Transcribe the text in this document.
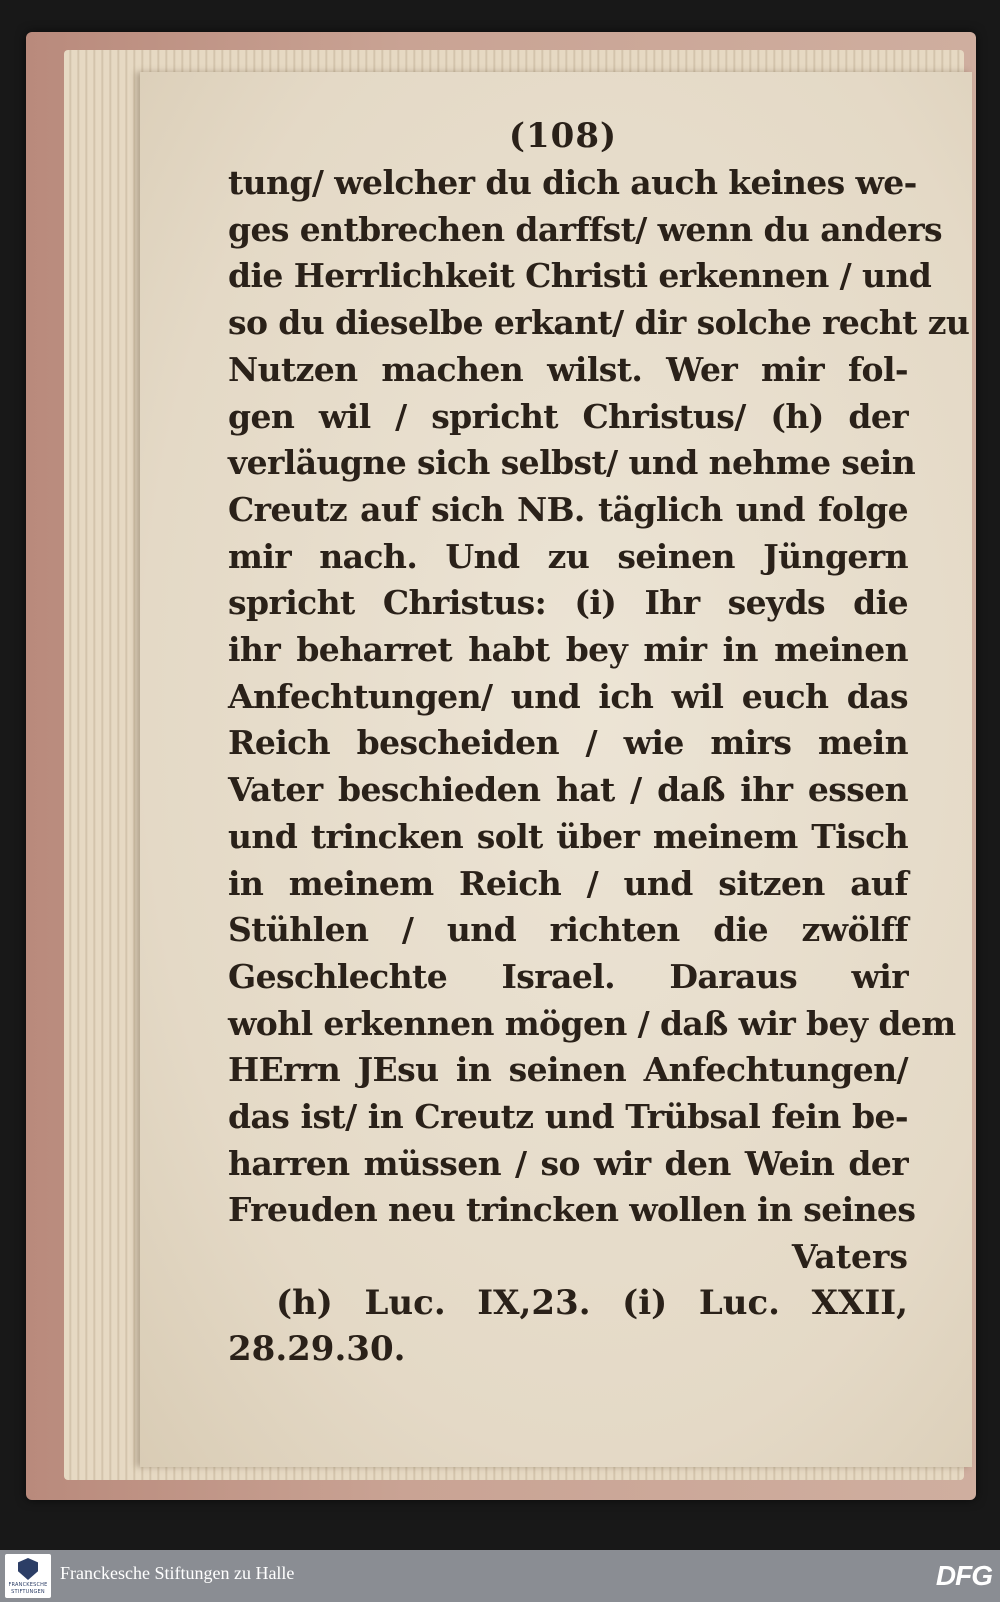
(108)
tung/ welcher du dich auch keines we-
ges entbrechen darffst/ wenn du anders
die Herrlichkeit Christi erkennen / und
so du dieselbe erkant/ dir solche recht zu
Nutzen machen wilst. Wer mir fol-
gen wil / spricht Christus/ (h) der
verläugne sich selbst/ und nehme sein
Creutz auf sich NB. täglich und folge
mir nach. Und zu seinen Jüngern
spricht Christus: (i) Ihr seyds die
ihr beharret habt bey mir in meinen
Anfechtungen/ und ich wil euch das
Reich bescheiden / wie mirs mein
Vater beschieden hat / daß ihr essen
und trincken solt über meinem Tisch
in meinem Reich / und sitzen auf
Stühlen / und richten die zwölff
Geschlechte Israel. Daraus wir
wohl erkennen mögen / daß wir bey dem
HErrn JEsu in seinen Anfechtungen/
das ist/ in Creutz und Trübsal fein be-
harren müssen / so wir den Wein der
Freuden neu trincken wollen in seines
Vaters
(h) Luc. IX,23. (i) Luc. XXII,
28.29.30.
FRANCKESCHE STIFTUNGEN
Franckesche Stiftungen zu Halle	DFG
